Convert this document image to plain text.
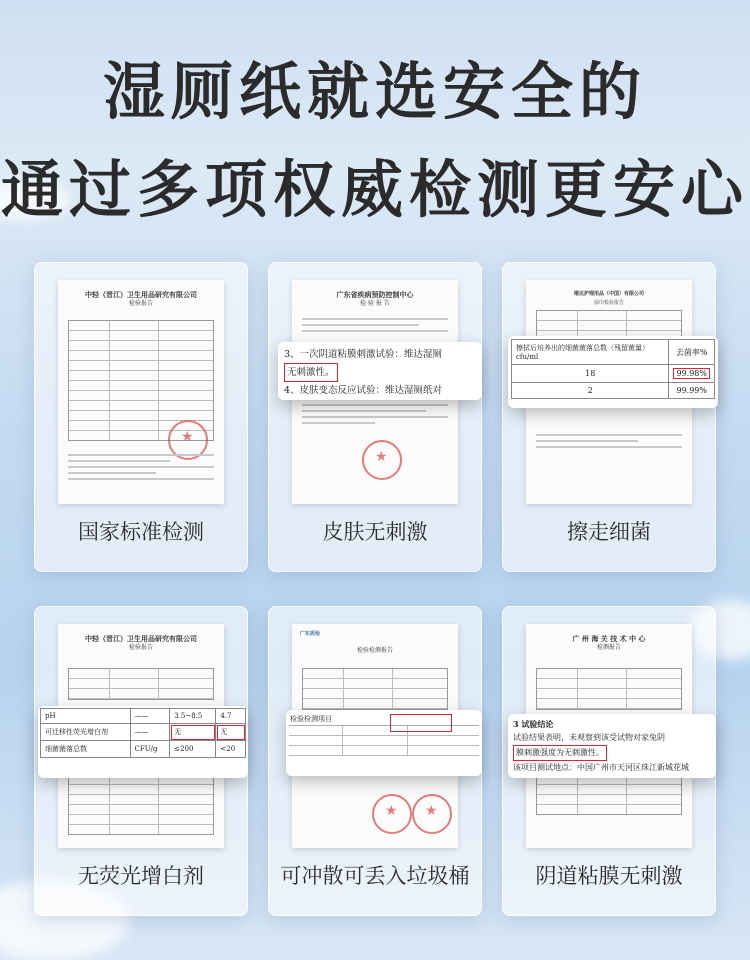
湿厕纸就选安全的
通过多项权威检测更安心
中轻（晋江）卫生用品研究有限公司
检验报告
★
国家标准检测
广东省疾病预防控制中心
检 验 报 告
★
3、一次阴道粘膜刺激试验：维达湿厕
无刺激性。
4、皮肤变态反应试验：维达湿厕纸对
皮肤无刺激
维达护理用品（中国）有限公司
湿巾检验报告
擦拭后培养出的细菌菌落总数（残留菌量）cfu/ml	去菌率%
18	99.98%
2	99.99%
擦走细菌
中轻（晋江）卫生用品研究有限公司
检验报告
pH	——	3.5~8.5	4.7
可迁移性荧光增白剂	——	无	无
细菌菌落总数	CFU/g	≤200	<20
无荧光增白剂
广东质检
检验检测报告
★
★
检验检测项目
可冲散可丢入垃圾桶
广 州 海 关 技 术 中 心
检测报告
3 试验结论
试验结果表明，未观察到该受试物对家兔阴
膜刺激强度为无刺激性。
该项目测试地点：中国广州市天河区珠江新城花城
阴道粘膜无刺激
